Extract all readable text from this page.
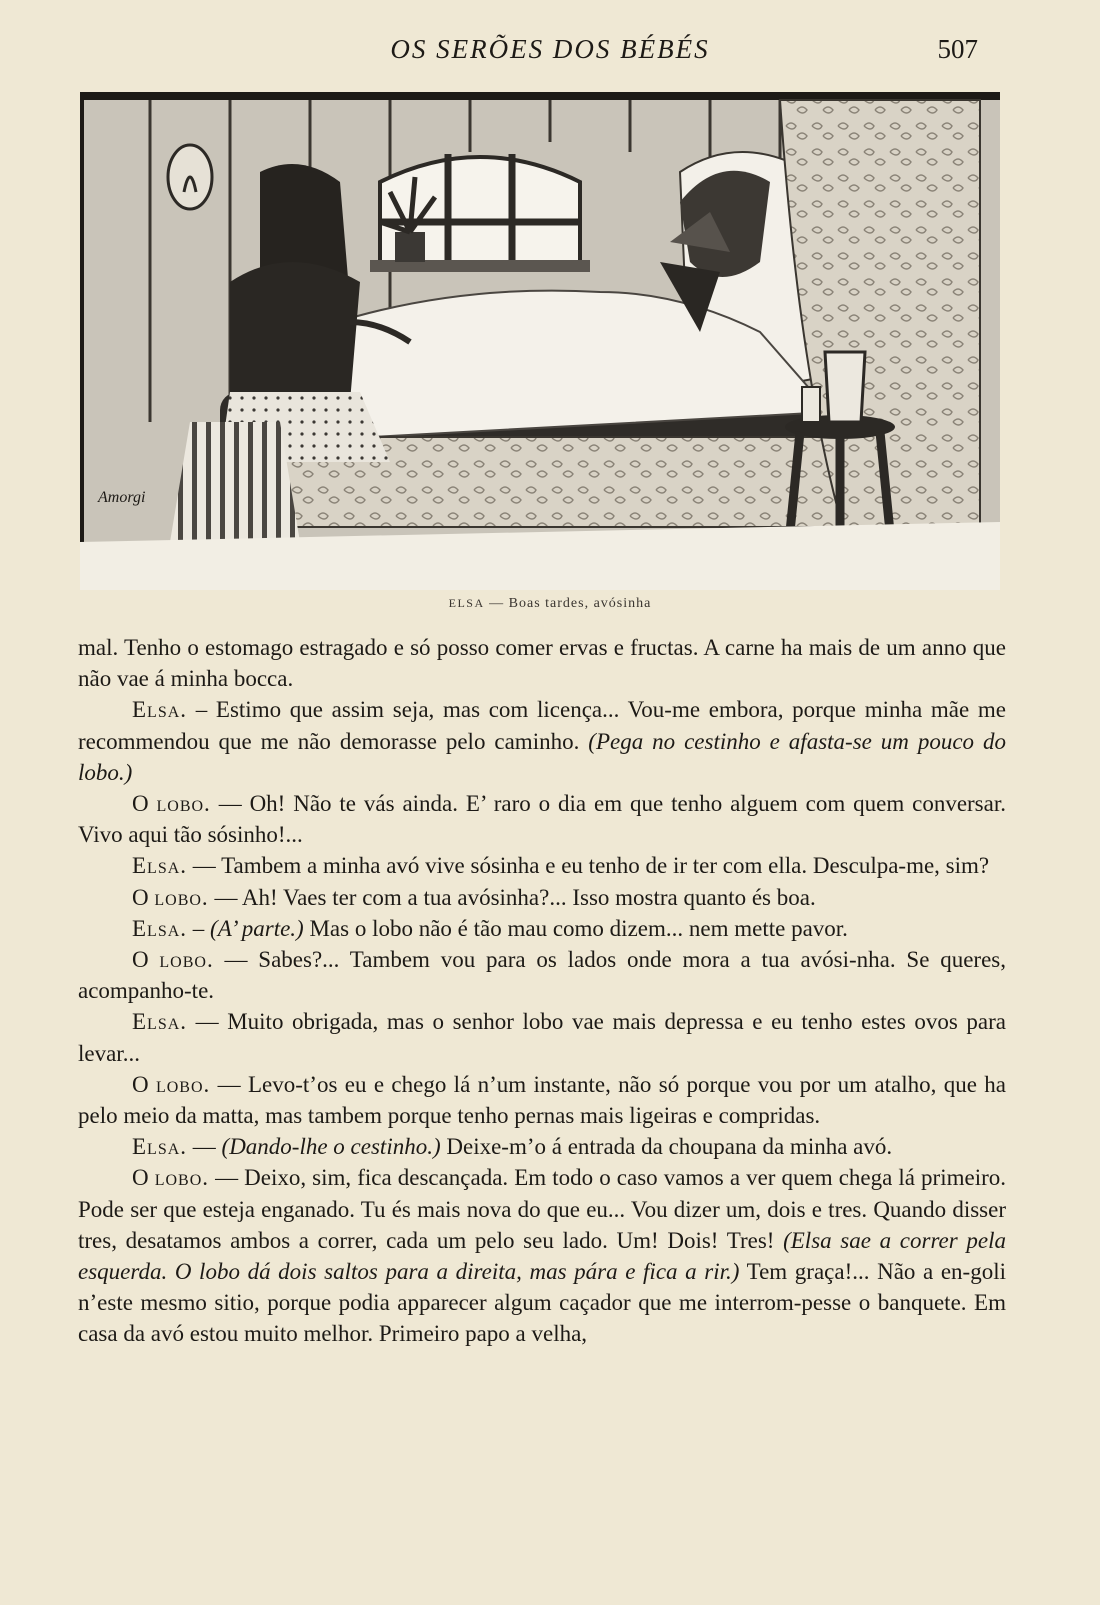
OS SERÕES DOS BÉBÉS	507
Amorgi
ELSA — Boas tardes, avósinha

mal. Tenho o estomago estragado e só posso comer ervas e fructas. A carne ha mais de um anno que não vae á minha bocca.

Elsa. – Estimo que assim seja, mas com licença... Vou-me embora, porque minha mãe me recommendou que me não demorasse pelo caminho. (Pega no cestinho e afasta-se um pouco do lobo.)

O lobo. — Oh! Não te vás ainda. E’ raro o dia em que tenho alguem com quem conversar. Vivo aqui tão sósinho!...

Elsa. — Tambem a minha avó vive sósinha e eu tenho de ir ter com ella. Desculpa-me, sim?

O lobo. — Ah! Vaes ter com a tua avósinha?... Isso mostra quanto és boa.

Elsa. – (A’ parte.) Mas o lobo não é tão mau como dizem... nem mette pavor.

O lobo. — Sabes?... Tambem vou para os lados onde mora a tua avósi-nha. Se queres, acompanho-te.

Elsa. — Muito obrigada, mas o senhor lobo vae mais depressa e eu tenho estes ovos para levar...

O lobo. — Levo-t’os eu e chego lá n’um instante, não só porque vou por um atalho, que ha pelo meio da matta, mas tambem porque tenho pernas mais ligeiras e compridas.

Elsa. — (Dando-lhe o cestinho.) Deixe-m’o á entrada da choupana da minha avó.

O lobo. — Deixo, sim, fica descançada. Em todo o caso vamos a ver quem chega lá primeiro. Pode ser que esteja enganado. Tu és mais nova do que eu... Vou dizer um, dois e tres. Quando disser tres, desatamos ambos a correr, cada um pelo seu lado. Um! Dois! Tres! (Elsa sae a correr pela esquerda. O lobo dá dois saltos para a direita, mas pára e fica a rir.) Tem graça!... Não a en-goli n’este mesmo sitio, porque podia apparecer algum caçador que me interrom-pesse o banquete. Em casa da avó estou muito melhor. Primeiro papo a velha,
